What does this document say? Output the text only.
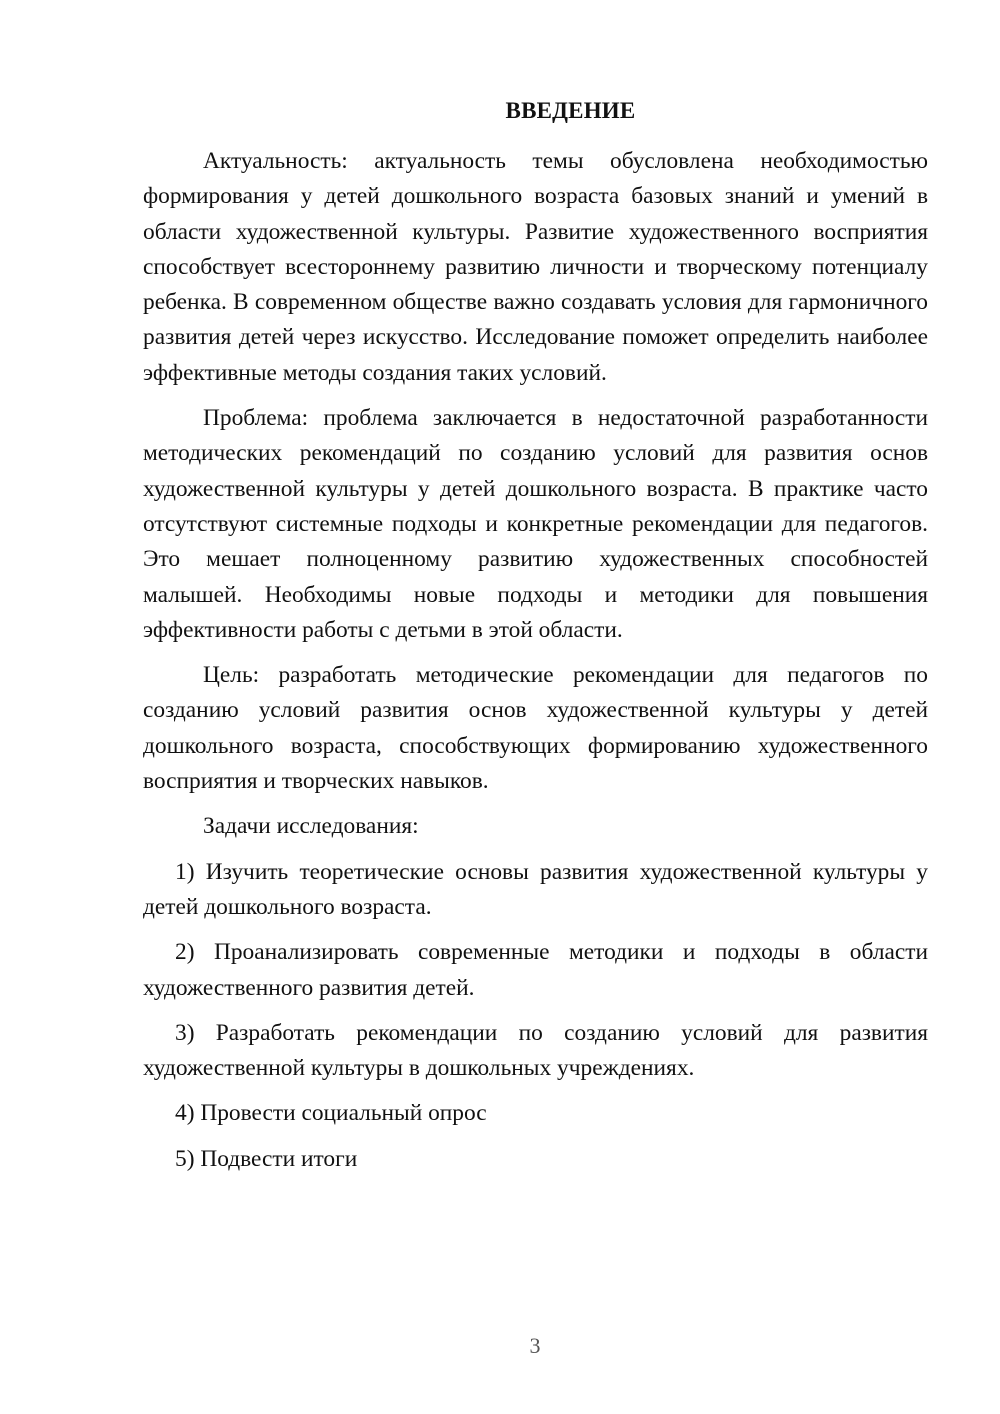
ВВЕДЕНИЕ

Актуальность: актуальность темы обусловлена необходимостью формирования у детей дошкольного возраста базовых знаний и умений в области художественной культуры. Развитие художественного восприятия способствует всестороннему развитию личности и творческому потенциалу ребенка. В современном обществе важно создавать условия для гармоничного развития детей через искусство. Исследование поможет определить наиболее эффективные методы создания таких условий.

Проблема: проблема заключается в недостаточной разработанности методических рекомендаций по созданию условий для развития основ художественной культуры у детей дошкольного возраста. В практике часто отсутствуют системные подходы и конкретные рекомендации для педагогов. Это мешает полноценному развитию художественных способностей малышей. Необходимы новые подходы и методики для повышения эффективности работы с детьми в этой области.

Цель: разработать методические рекомендации для педагогов по созданию условий развития основ художественной культуры у детей дошкольного возраста, способствующих формированию художественного восприятия и творческих навыков.

Задачи исследования:

1) Изучить теоретические основы развития художественной культуры у детей дошкольного возраста.

2) Проанализировать современные методики и подходы в области художественного развития детей.

3) Разработать рекомендации по созданию условий для развития художественной культуры в дошкольных учреждениях.

4) Провести социальный опрос

5) Подвести итоги

3
